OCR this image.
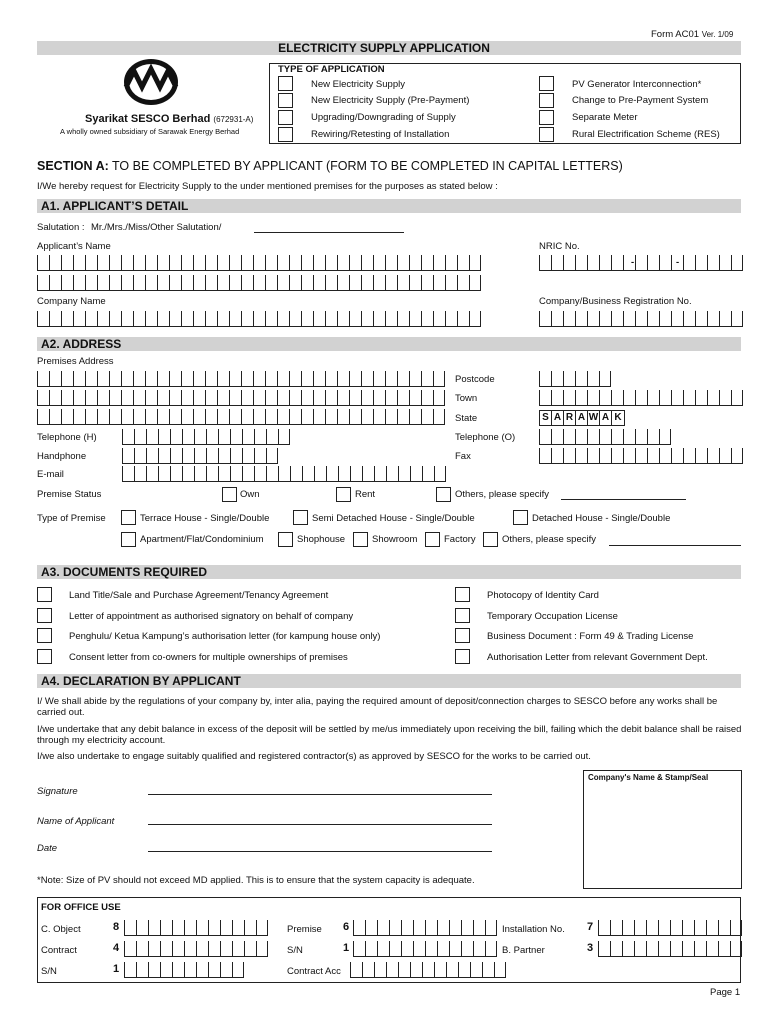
Form AC01 Ver. 1/09
ELECTRICITY SUPPLY APPLICATION
Syarikat SESCO Berhad (672931-A)
A wholly owned subsidiary of Sarawak Energy Berhad
TYPE OF APPLICATION
New Electricity Supply
New Electricity Supply (Pre-Payment)
Upgrading/Downgrading of Supply
Rewiring/Retesting of Installation
PV Generator Interconnection*
Change to Pre-Payment System
Separate Meter
Rural Electrification Scheme (RES)
SECTION A: TO BE COMPLETED BY APPLICANT (FORM TO BE COMPLETED IN CAPITAL LETTERS)
I/We hereby request for Electricity Supply to the under mentioned premises for the purposes as stated below :
A1. APPLICANT’S DETAIL
Salutation : Mr./Mrs./Miss/Other Salutation/
Applicant’s Name	NRIC No.
-	-
Company Name	Company/Business Registration No.
A2. ADDRESS
Premises Address
Postcode
Town
State	S A R A W A K
Telephone (H)	Telephone (O)
Handphone	Fax
E-mail
Premise Status	Own	Rent	Others, please specify
Type of Premise	Terrace House - Single/Double	Semi Detached House - Single/Double	Detached House - Single/Double
Apartment/Flat/Condominium	Shophouse	Showroom	Factory	Others, please specify
A3. DOCUMENTS REQUIRED
Land Title/Sale and Purchase Agreement/Tenancy Agreement
Letter of appointment as authorised signatory on behalf of company
Penghulu/ Ketua Kampung’s authorisation letter (for kampung house only)
Consent letter from co-owners for multiple ownerships of premises
Photocopy of Identity Card
Temporary Occupation License
Business Document : Form 49 & Trading License
Authorisation Letter from relevant Government Dept.
A4. DECLARATION BY APPLICANT
I/ We shall abide by the regulations of your company by, inter alia, paying the required amount of deposit/connection charges to SESCO before any works shall be carried out.
I/we undertake that any debit balance in excess of the deposit will be settled by me/us immediately upon receiving the bill, failing which the debit balance shall be raised through my electricity account.
I/we also undertake to engage suitably qualified and registered contractor(s) as approved by SESCO for the works to be carried out.
Signature
Name of Applicant
Date
Company's Name & Stamp/Seal
*Note: Size of PV should not exceed MD applied. This is to ensure that the system capacity is adequate.
FOR OFFICE USE
C. Object	8
Contract	4
S/N	1
Premise 6
S/N	1
Contract Acc
Installation No. 7
B. Partner	3
Page 1
